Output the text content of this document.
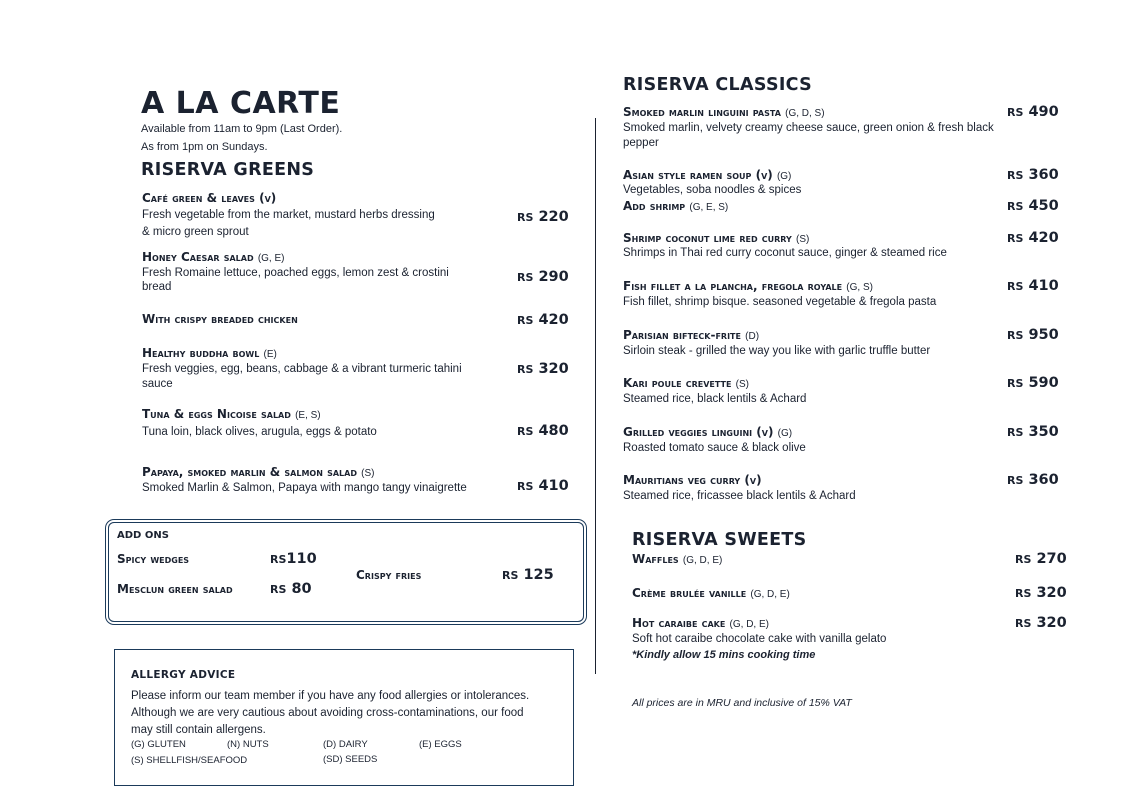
A LA CARTE
Available from 11am to 9pm (Last Order).
As from 1pm on Sundays.
RISERVA GREENS
Café green & leaves (v)
Fresh vegetable from the market, mustard herbs dressing
& micro green sprout
RS 220
Honey Caesar salad (G, E)
Fresh Romaine lettuce, poached eggs, lemon zest & crostini
bread
RS 290
With crispy breaded chicken	RS 420
Healthy buddha bowl (E)
Fresh veggies, egg, beans, cabbage & a vibrant turmeric tahini
sauce
RS 320
Tuna & eggs Nicoise salad (E, S)
Tuna loin, black olives, arugula, eggs & potato	RS 480
Papaya, smoked marlin & salmon salad (S)
Smoked Marlin & Salmon, Papaya with mango tangy vinaigrette	RS 410
ADD ONS
Spicy wedges	RS110
Mesclun green salad	RS 80
Crispy fries	RS 125
ALLERGY ADVICE
Please inform our team member if you have any food allergies or intolerances.
Although we are very cautious about avoiding cross-contaminations, our food
may still contain allergens.
(G) GLUTEN	(N) NUTS	(D) DAIRY	(E) EGGS
(S) SHELLFISH/SEAFOOD	(SD) SEEDS
RISERVA CLASSICS
Smoked marlin linguini pasta (G, D, S)
Smoked marlin, velvety creamy cheese sauce, green onion & fresh black
pepper
RS 490
Asian style ramen soup (v) (G)
Vegetables, soba noodles & spices
RS 360
Add shrimp (G, E, S)	RS 450
Shrimp coconut lime red curry (S)
Shrimps in Thai red curry coconut sauce, ginger & steamed rice
RS 420
Fish fillet a la plancha, fregola royale (G, S)
Fish fillet, shrimp bisque. seasoned vegetable & fregola pasta
RS 410
Parisian bifteck-frite (D)
Sirloin steak - grilled the way you like with garlic truffle butter
RS 950
Kari poule crevette (S)
Steamed rice, black lentils & Achard
RS 590
Grilled veggies linguini (v) (G)
Roasted tomato sauce & black olive
RS 350
Mauritians veg curry (v)
Steamed rice, fricassee black lentils & Achard
RS 360
RISERVA SWEETS
Waffles (G, D, E)	RS 270
Crème brulée vanille (G, D, E)	RS 320
Hot caraibe cake (G, D, E)
Soft hot caraibe chocolate cake with vanilla gelato
RS 320
*Kindly allow 15 mins cooking time
All prices are in MRU and inclusive of 15% VAT
